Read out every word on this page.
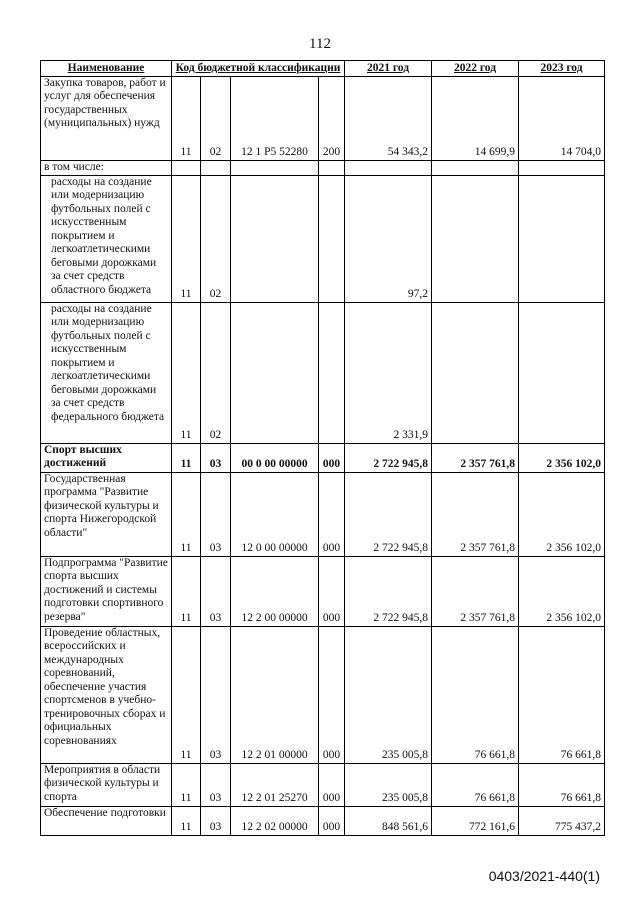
112
Наименование	Код бюджетной классификации				2021 год	2022 год	2023 год
Закупка товаров, работ и услуг для обеспечения государственных (муниципальных) нужд	11	02	12 1 Р5 52280	200	54 343,2	14 699,9	14 704,0
в том числе:							
расходы на создание или модернизацию футбольных полей с искусственным покрытием и легкоатлетическими беговыми дорожками за счет средств областного бюджета	11	02			97,2		
расходы на создание или модернизацию футбольных полей с искусственным покрытием и легкоатлетическими беговыми дорожками за счет средств федерального бюджета	11	02			2 331,9		
Спорт высших достижений	11	03	00 0 00 00000	000	2 722 945,8	2 357 761,8	2 356 102,0
Государственная программа "Развитие физической культуры и спорта Нижегородской области"	11	03	12 0 00 00000	000	2 722 945,8	2 357 761,8	2 356 102,0
Подпрограмма "Развитие спорта высших достижений и системы подготовки спортивного резерва"	11	03	12 2 00 00000	000	2 722 945,8	2 357 761,8	2 356 102,0
Проведение областных, всероссийских и международных соревнований, обеспечение участия спортсменов в учебно-тренировочных сборах и официальных соревнованиях	11	03	12 2 01 00000	000	235 005,8	76 661,8	76 661,8
Мероприятия в области физической культуры и спорта	11	03	12 2 01 25270	000	235 005,8	76 661,8	76 661,8
Обеспечение подготовки	11	03	12 2 02 00000	000	848 561,6	772 161,6	775 437,2
0403/2021-440(1)
